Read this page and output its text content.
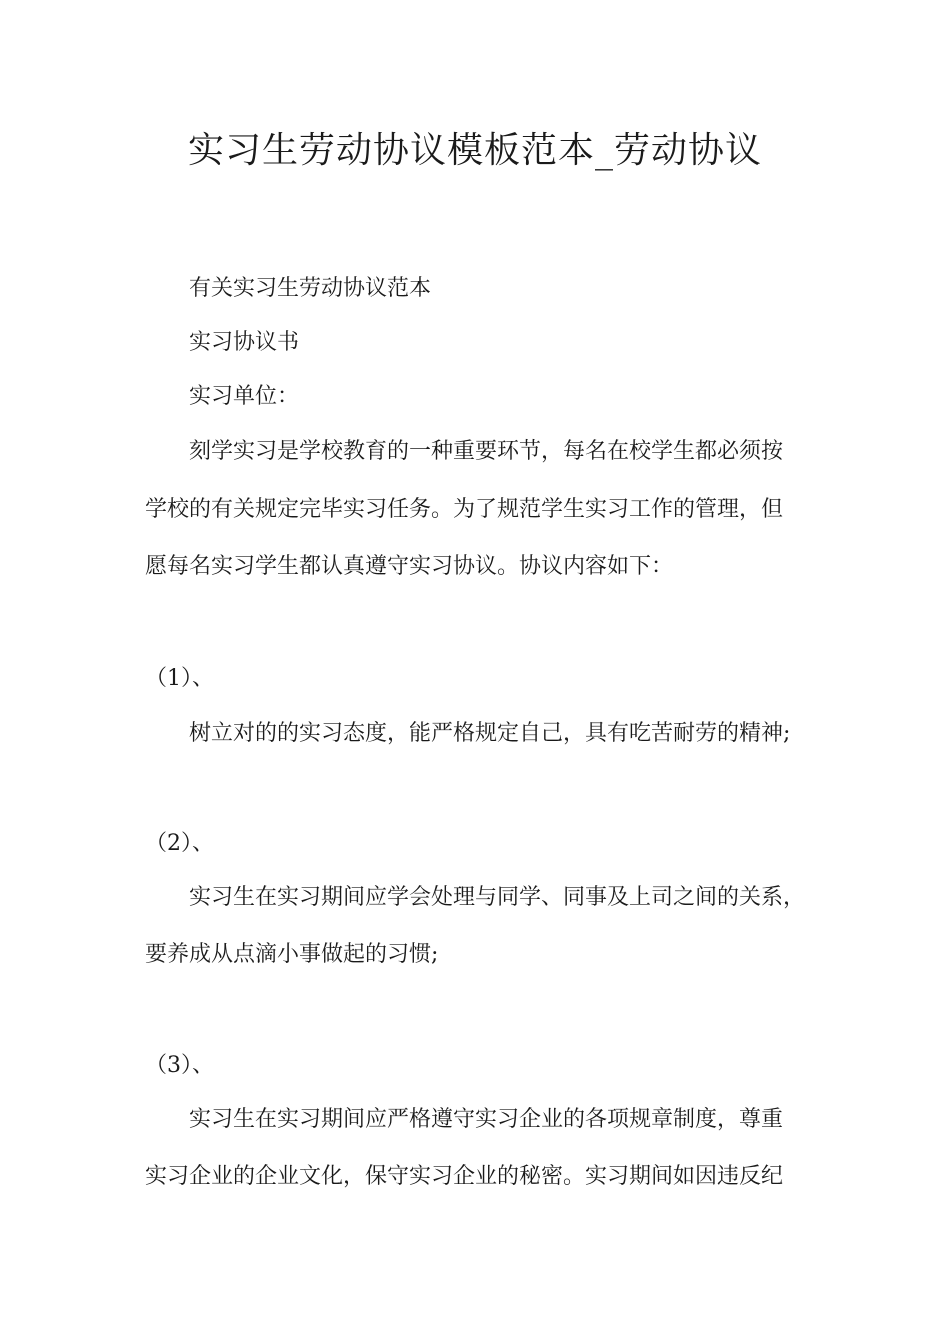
实习生劳动协议模板范本_劳动协议

有关实习生劳动协议范本

实习协议书

实习单位：

刻学实习是学校教育的一种重要环节，每名在校学生都必须按

学校的有关规定完毕实习任务。为了规范学生实习工作的管理，但

愿每名实习学生都认真遵守实习协议。协议内容如下：

（1）、

树立对的的实习态度，能严格规定自己，具有吃苦耐劳的精神;

（2）、

实习生在实习期间应学会处理与同学、同事及上司之间的关系，

要养成从点滴小事做起的习惯;

（3）、

实习生在实习期间应严格遵守实习企业的各项规章制度，尊重

实习企业的企业文化，保守实习企业的秘密。实习期间如因违反纪
